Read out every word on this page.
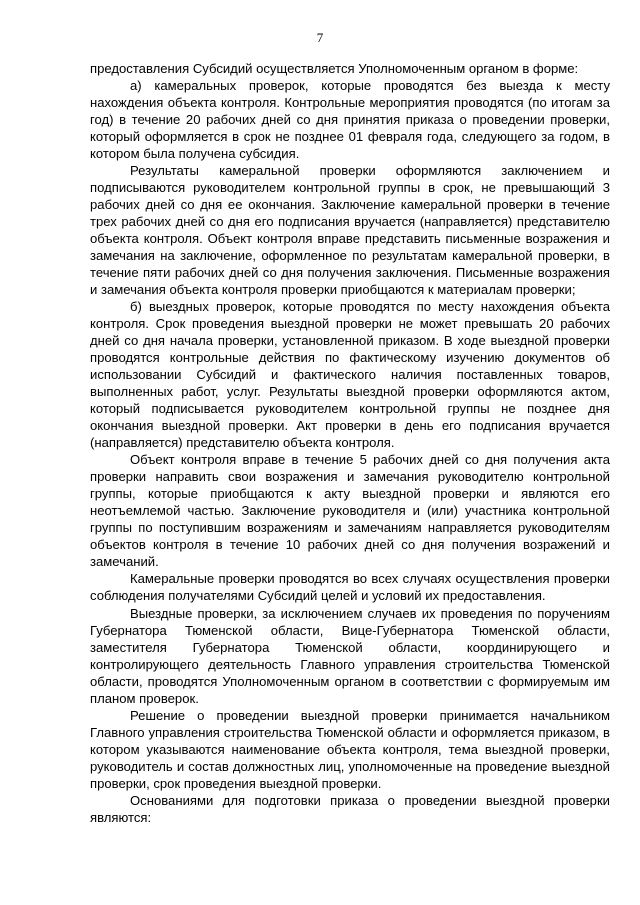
7

предоставления Субсидий осуществляется Уполномоченным органом в форме:

а) камеральных проверок, которые проводятся без выезда к месту нахождения объекта контроля. Контрольные мероприятия проводятся (по итогам за год) в течение 20 рабочих дней со дня принятия приказа о проведении проверки, который оформляется в срок не позднее 01 февраля года, следующего за годом, в котором была получена субсидия.

Результаты камеральной проверки оформляются заключением и подписываются руководителем контрольной группы в срок, не превышающий 3 рабочих дней со дня ее окончания. Заключение камеральной проверки в течение трех рабочих дней со дня его подписания вручается (направляется) представителю объекта контроля. Объект контроля вправе представить письменные возражения и замечания на заключение, оформленное по результатам камеральной проверки, в течение пяти рабочих дней со дня получения заключения. Письменные возражения и замечания объекта контроля проверки приобщаются к материалам проверки;

б) выездных проверок, которые проводятся по месту нахождения объекта контроля. Срок проведения выездной проверки не может превышать 20 рабочих дней со дня начала проверки, установленной приказом. В ходе выездной проверки проводятся контрольные действия по фактическому изучению документов об использовании Субсидий и фактического наличия поставленных товаров, выполненных работ, услуг. Результаты выездной проверки оформляются актом, который подписывается руководителем контрольной группы не позднее дня окончания выездной проверки. Акт проверки в день его подписания вручается (направляется) представителю объекта контроля.

Объект контроля вправе в течение 5 рабочих дней со дня получения акта проверки направить свои возражения и замечания руководителю контрольной группы, которые приобщаются к акту выездной проверки и являются его неотъемлемой частью. Заключение руководителя и (или) участника контрольной группы по поступившим возражениям и замечаниям направляется руководителям объектов контроля в течение 10 рабочих дней со дня получения возражений и замечаний.

Камеральные проверки проводятся во всех случаях осуществления проверки соблюдения получателями Субсидий целей и условий их предоставления.

Выездные проверки, за исключением случаев их проведения по поручениям Губернатора Тюменской области, Вице-Губернатора Тюменской области, заместителя Губернатора Тюменской области, координирующего и контролирующего деятельность Главного управления строительства Тюменской области, проводятся Уполномоченным органом в соответствии с формируемым им планом проверок.

Решение о проведении выездной проверки принимается начальником Главного управления строительства Тюменской области и оформляется приказом, в котором указываются наименование объекта контроля, тема выездной проверки, руководитель и состав должностных лиц, уполномоченные на проведение выездной проверки, срок проведения выездной проверки.

Основаниями для подготовки приказа о проведении выездной проверки являются:
